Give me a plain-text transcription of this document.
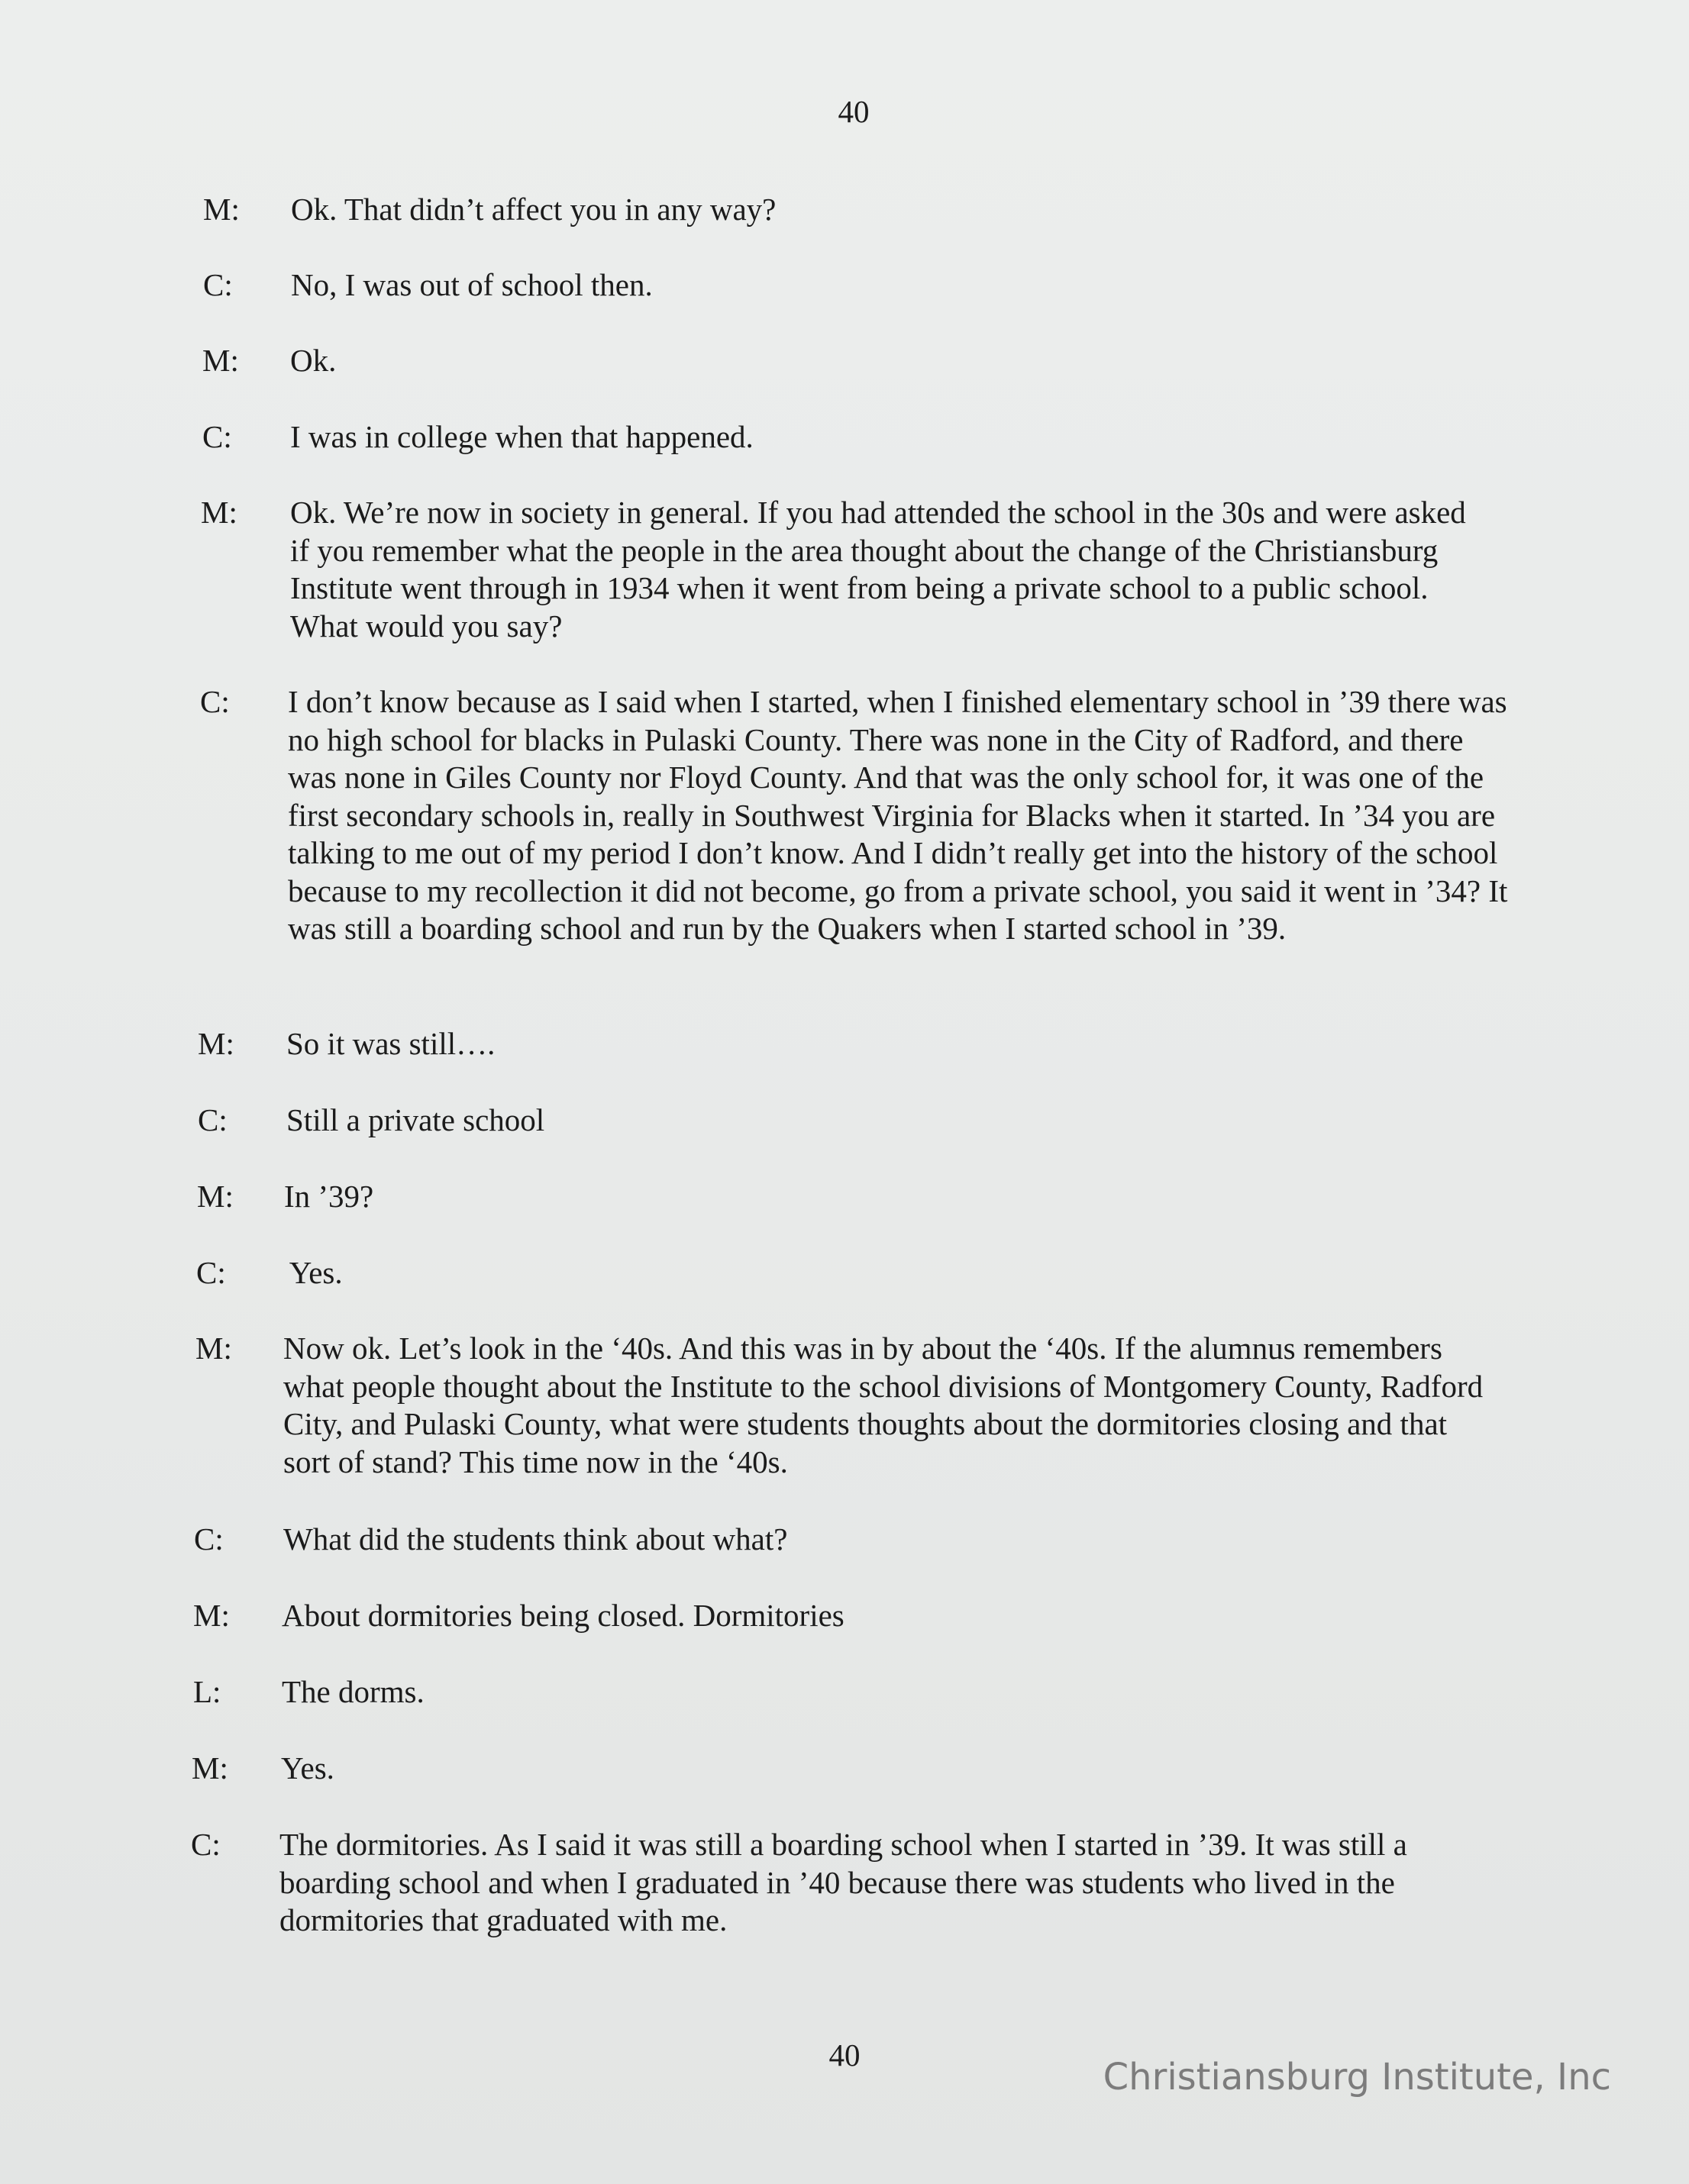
40
M: Ok. That didn’t affect you in any way?
C: No, I was out of school then.
M: Ok.
C: I was in college when that happened.
M: Ok. We’re now in society in general. If you had attended the school in the 30s and were asked if you remember what the people in the area thought about the change of the Christiansburg Institute went through in 1934 when it went from being a private school to a public school. What would you say?
C: I don’t know because as I said when I started, when I finished elementary school in ’39 there was no high school for blacks in Pulaski County. There was none in the City of Radford, and there was none in Giles County nor Floyd County. And that was the only school for, it was one of the first secondary schools in, really in Southwest Virginia for Blacks when it started. In ’34 you are talking to me out of my period I don’t know. And I didn’t really get into the history of the school because to my recollection it did not become, go from a private school, you said it went in ’34? It was still a boarding school and run by the Quakers when I started school in ’39.
M: So it was still….
C: Still a private school
M: In ’39?
C: Yes.
M: Now ok. Let’s look in the ‘40s. And this was in by about the ‘40s. If the alumnus remembers what people thought about the Institute to the school divisions of Montgomery County, Radford City, and Pulaski County, what were students thoughts about the dormitories closing and that sort of stand? This time now in the ‘40s.
C: What did the students think about what?
M: About dormitories being closed. Dormitories
L: The dorms.
M: Yes.
C: The dormitories. As I said it was still a boarding school when I started in ’39. It was still a boarding school and when I graduated in ’40 because there was students who lived in the dormitories that graduated with me.
40
Christiansburg Institute, Inc
